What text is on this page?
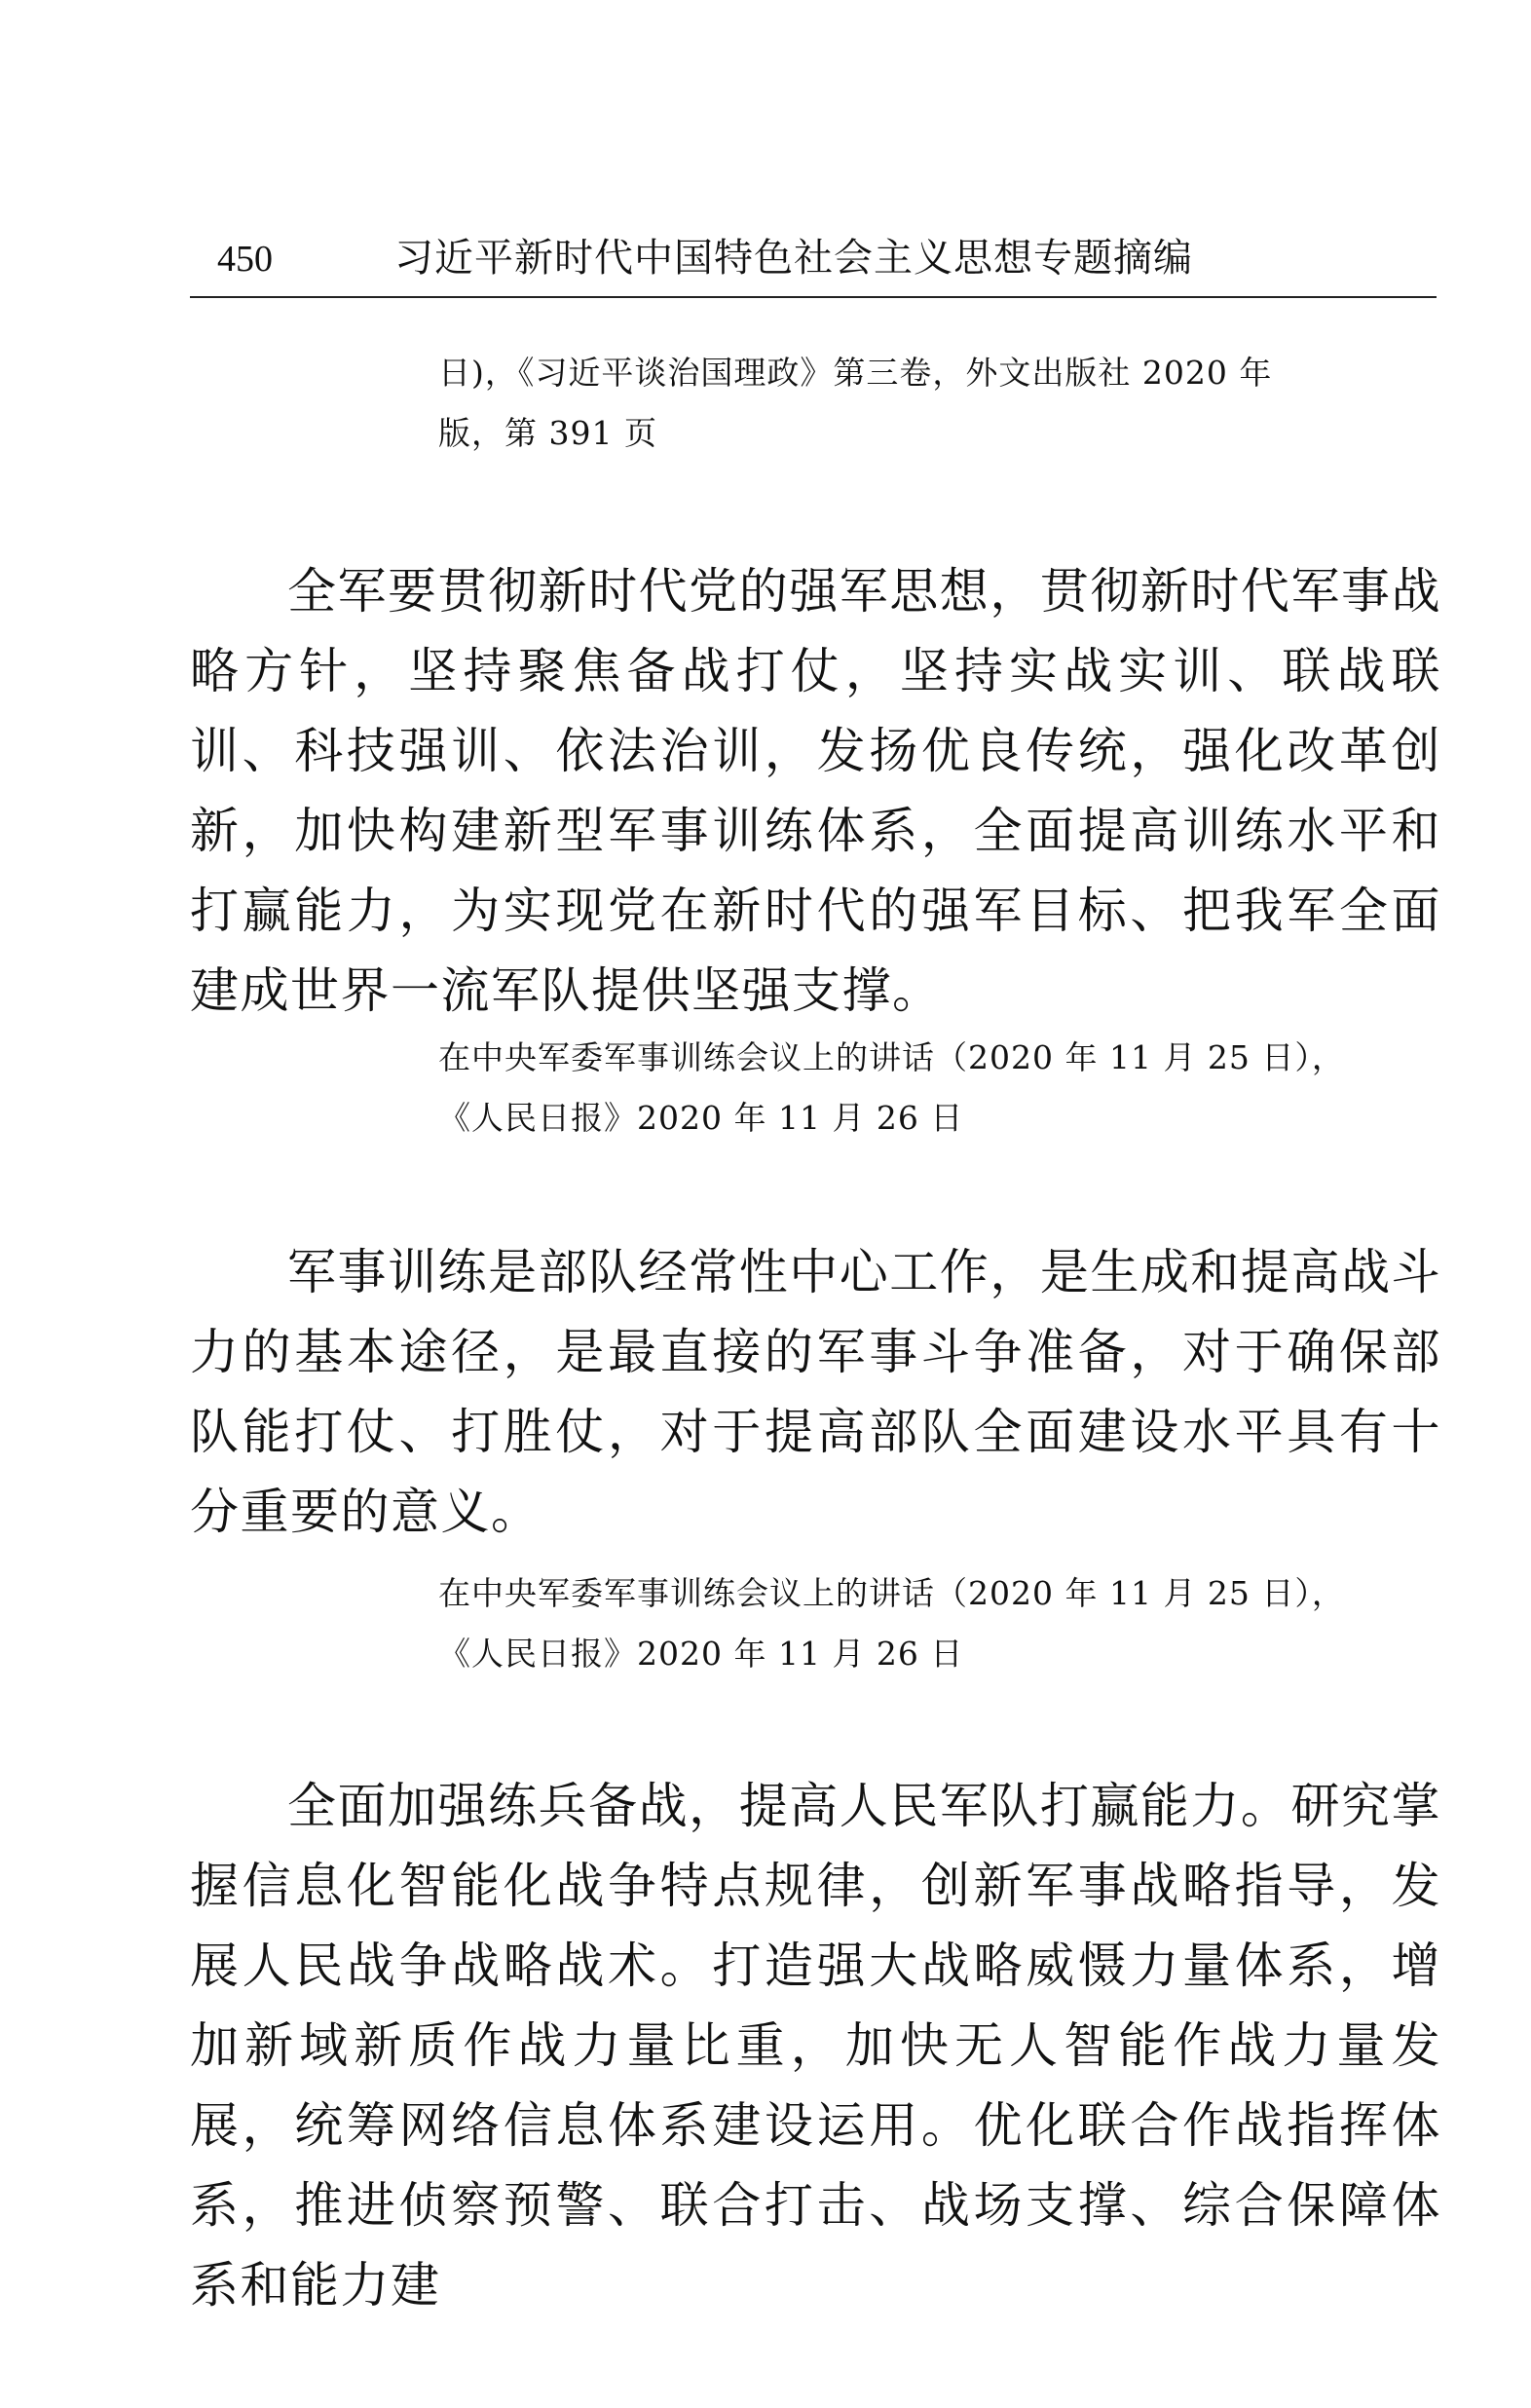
450	习近平新时代中国特色社会主义思想专题摘编
日)，《习近平谈治国理政》第三卷，外文出版社 2020 年
版，第 391 页

全军要贯彻新时代党的强军思想，贯彻新时代军事战略方针，坚持聚焦备战打仗，坚持实战实训、联战联训、科技强训、依法治训，发扬优良传统，强化改革创新，加快构建新型军事训练体系，全面提高训练水平和打赢能力，为实现党在新时代的强军目标、把我军全面建成世界一流军队提供坚强支撑。

在中央军委军事训练会议上的讲话（2020 年 11 月 25 日），
《人民日报》2020 年 11 月 26 日

军事训练是部队经常性中心工作，是生成和提高战斗力的基本途径，是最直接的军事斗争准备，对于确保部队能打仗、打胜仗，对于提高部队全面建设水平具有十分重要的意义。

在中央军委军事训练会议上的讲话（2020 年 11 月 25 日），
《人民日报》2020 年 11 月 26 日

全面加强练兵备战，提高人民军队打赢能力。研究掌握信息化智能化战争特点规律，创新军事战略指导，发展人民战争战略战术。打造强大战略威慑力量体系，增加新域新质作战力量比重，加快无人智能作战力量发展，统筹网络信息体系建设运用。优化联合作战指挥体系，推进侦察预警、联合打击、战场支撑、综合保障体系和能力建
